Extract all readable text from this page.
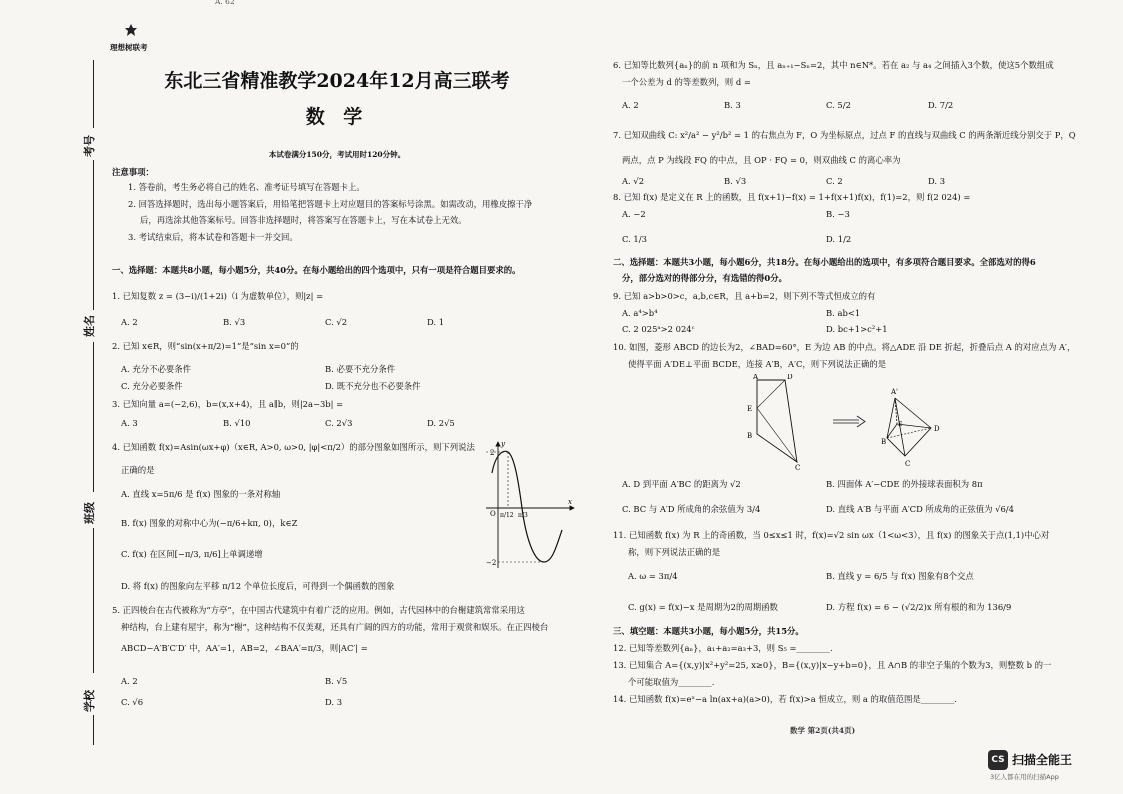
A. 62
理想树联考
考号
姓名
班级
学校
东北三省精准教学2024年12月高三联考
数 学
本试卷满分150分，考试用时120分钟。
注意事项：
1. 答卷前，考生务必将自己的姓名、准考证号填写在答题卡上。
2. 回答选择题时，选出每小题答案后，用铅笔把答题卡上对应题目的答案标号涂黑。如需改动，用橡皮擦干净
后，再选涂其他答案标号。回答非选择题时，将答案写在答题卡上，写在本试卷上无效。
3. 考试结束后，将本试卷和答题卡一并交回。
一、选择题：本题共8小题，每小题5分，共40分。在每小题给出的四个选项中，只有一项是符合题目要求的。
1. 已知复数 z = (3−i)/(1+2i)（i 为虚数单位），则|z| =
A. 2	B. √3	C. √2	D. 1
2. 已知 x∈R，则“sin(x+π/2)=1”是“sin x=0”的
A. 充分不必要条件	B. 必要不充分条件
C. 充分必要条件	D. 既不充分也不必要条件
3. 已知向量 a=(−2,6)，b=(x,x+4)，且 a∥b，则|2a−3b| =
A. 3	B. √10	C. 2√3	D. 2√5
4. 已知函数 f(x)=Asin(ωx+φ)（x∈R, A>0, ω>0, |φ|<π/2）的部分图象如图所示，则下列说法
正确的是
A. 直线 x=5π/6 是 f(x) 图象的一条对称轴
B. f(x) 图象的对称中心为(−π/6+kπ, 0)，k∈Z
C. f(x) 在区间[−π/3, π/6]上单调递增
D. 将 f(x) 的图象向左平移 π/12 个单位长度后，可得到一个偶函数的图象
y
x
O π/12 π/3
2
−2
5. 正四棱台在古代被称为“方亭”，在中国古代建筑中有着广泛的应用。例如，古代园林中的台榭建筑常常采用这
种结构，台上建有屋宇，称为“榭”，这种结构不仅美观，还具有广阔的四方的功能，常用于观赏和娱乐。在正四棱台
ABCD−A′B′C′D′ 中，AA′=1，AB=2，∠BAA′=π/3，则|AC′| =
A. 2	B. √5
C. √6	D. 3
6. 已知等比数列{aₙ}的前 n 项和为 Sₙ，且 aₙ₊₁−Sₙ=2，其中 n∈N*。若在 a₂ 与 a₄ 之间插入3个数，使这5个数组成
一个公差为 d 的等差数列，则 d =
A. 2	B. 3	C. 5/2	D. 7/2
7. 已知双曲线 C: x²/a² − y²/b² = 1 的右焦点为 F，O 为坐标原点，过点 F 的直线与双曲线 C 的两条渐近线分别交于 P，Q
两点，点 P 为线段 FQ 的中点，且 OP · FQ = 0，则双曲线 C 的离心率为
A. √2	B. √3	C. 2	D. 3
8. 已知 f(x) 是定义在 R 上的函数，且 f(x+1)−f(x) = 1+f(x+1)f(x)，f(1)=2，则 f(2 024) =
A. −2	B. −3
C. 1/3	D. 1/2
二、选择题：本题共3小题，每小题6分，共18分。在每小题给出的选项中，有多项符合题目要求。全部选对的得6
分，部分选对的得部分分，有选错的得0分。
9. 已知 a>b>0>c，a,b,c∈R，且 a+b=2，则下列不等式恒成立的有
A. a⁴>b⁴	B. ab<1
C. 2 025ᵃ>2 024ᶜ	D. bc+1>c²+1
10. 如图，菱形 ABCD 的边长为2，∠BAD=60°，E 为边 AB 的中点。将△ADE 沿 DE 折起，折叠后点 A 的对应点为 A′，
使得平面 A′DE⊥平面 BCDE，连接 A′B，A′C，则下列说法正确的是
A
E
B
D
C
A'
B
E
D
C
A. D 到平面 A′BC 的距离为 √2	B. 四面体 A′−CDE 的外接球表面积为 8π
C. BC 与 A′D 所成角的余弦值为 3/4	D. 直线 A′B 与平面 A′CD 所成角的正弦值为 √6/4
11. 已知函数 f(x) 为 R 上的奇函数，当 0≤x≤1 时，f(x)=√2 sin ωx（1<ω<3），且 f(x) 的图象关于点(1,1)中心对
称，则下列说法正确的是
A. ω = 3π/4	B. 直线 y = 6/5 与 f(x) 图象有8个交点
C. g(x) = f(x)−x 是周期为2的周期函数	D. 方程 f(x) = 6 − (√2/2)x 所有根的和为 136/9
三、填空题：本题共3小题，每小题5分，共15分。
12. 已知等差数列{aₙ}，a₁+a₂=a₃+3，则 S₅ =________.
13. 已知集合 A={(x,y)|x²+y²=25, x≥0}，B={(x,y)|x−y+b=0}，且 A∩B 的非空子集的个数为3，则整数 b 的一
个可能取值为________.
14. 已知函数 f(x)=eˣ−a ln(ax+a)(a>0)，若 f(x)>a 恒成立，则 a 的取值范围是________.
数学 第2页(共4页)
CS 扫描全能王
3亿人都在用的扫描App
